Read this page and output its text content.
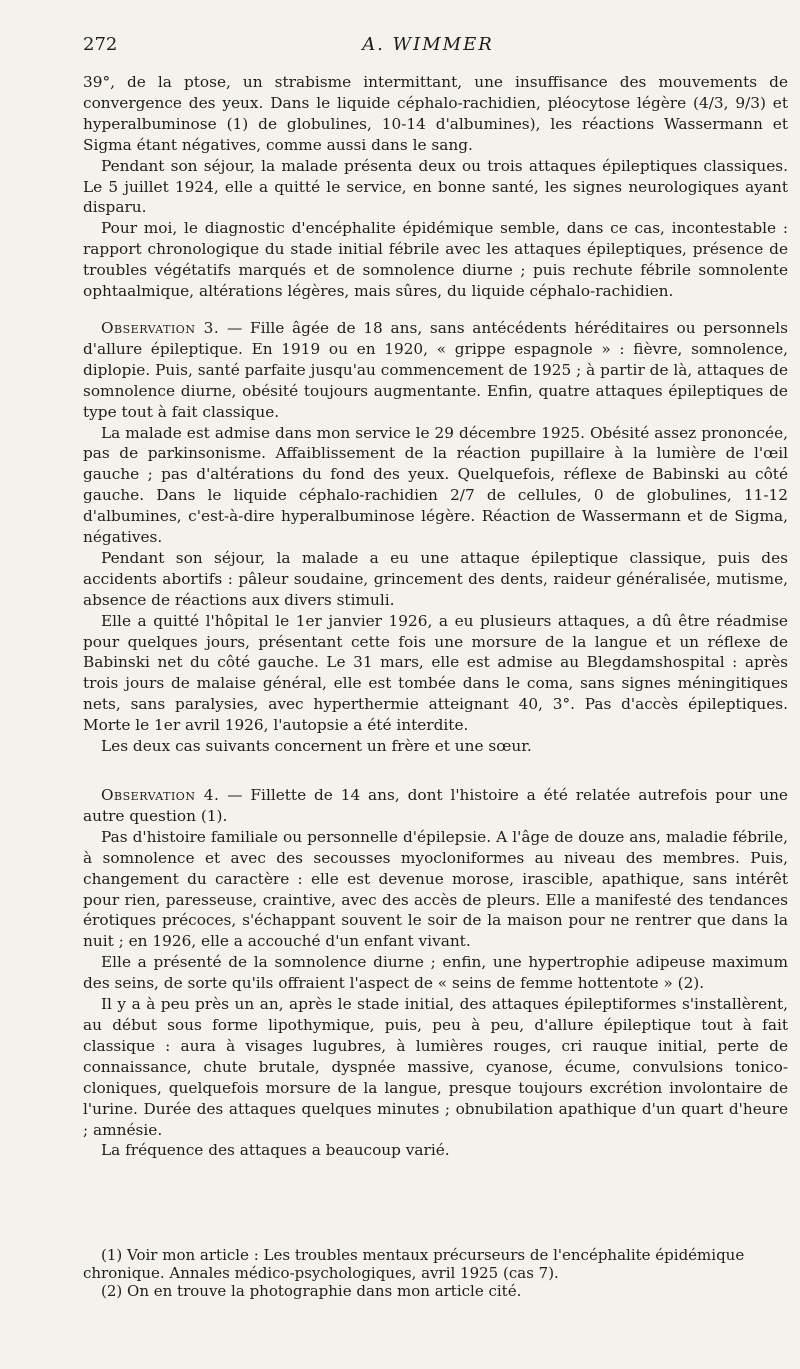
272	A. WIMMER

39°, de la ptose, un strabisme intermittant, une insuffisance des mouvements de convergence des yeux. Dans le liquide céphalo-rachidien, pléocytose légère (4/3, 9/3) et hyperalbuminose (1) de globulines, 10-14 d'albumines), les réactions Wassermann et Sigma étant négatives, comme aussi dans le sang.

Pendant son séjour, la malade présenta deux ou trois attaques épileptiques classiques. Le 5 juillet 1924, elle a quitté le service, en bonne santé, les signes neurologiques ayant disparu.

Pour moi, le diagnostic d'encéphalite épidémique semble, dans ce cas, incontestable : rapport chronologique du stade initial fébrile avec les attaques épileptiques, présence de troubles végétatifs marqués et de somnolence diurne ; puis rechute fébrile somnolente ophtaalmique, altérations légères, mais sûres, du liquide céphalo-rachidien.

Observation 3. — Fille âgée de 18 ans, sans antécédents héréditaires ou personnels d'allure épileptique. En 1919 ou en 1920, « grippe espagnole » : fièvre, somnolence, diplopie. Puis, santé parfaite jusqu'au commencement de 1925 ; à partir de là, attaques de somnolence diurne, obésité toujours augmentante. Enfin, quatre attaques épileptiques de type tout à fait classique.

La malade est admise dans mon service le 29 décembre 1925. Obésité assez prononcée, pas de parkinsonisme. Affaiblissement de la réaction pupillaire à la lumière de l'œil gauche ; pas d'altérations du fond des yeux. Quelquefois, réflexe de Babinski au côté gauche. Dans le liquide céphalo-rachidien 2/7 de cellules, 0 de globulines, 11-12 d'albumines, c'est-à-dire hyperalbuminose légère. Réaction de Wassermann et de Sigma, négatives.

Pendant son séjour, la malade a eu une attaque épileptique classique, puis des accidents abortifs : pâleur soudaine, grincement des dents, raideur généralisée, mutisme, absence de réactions aux divers stimuli.

Elle a quitté l'hôpital le 1er janvier 1926, a eu plusieurs attaques, a dû être réadmise pour quelques jours, présentant cette fois une morsure de la langue et un réflexe de Babinski net du côté gauche. Le 31 mars, elle est admise au Blegdamshospital : après trois jours de malaise général, elle est tombée dans le coma, sans signes méningitiques nets, sans paralysies, avec hyperthermie atteignant 40, 3°. Pas d'accès épileptiques. Morte le 1er avril 1926, l'autopsie a été interdite.

Les deux cas suivants concernent un frère et une sœur.

Observation 4. — Fillette de 14 ans, dont l'histoire a été relatée autrefois pour une autre question (1).

Pas d'histoire familiale ou personnelle d'épilepsie. A l'âge de douze ans, maladie fébrile, à somnolence et avec des secousses myocloniformes au niveau des membres. Puis, changement du caractère : elle est devenue morose, irascible, apathique, sans intérêt pour rien, paresseuse, craintive, avec des accès de pleurs. Elle a manifesté des tendances érotiques précoces, s'échappant souvent le soir de la maison pour ne rentrer que dans la nuit ; en 1926, elle a accouché d'un enfant vivant.

Elle a présenté de la somnolence diurne ; enfin, une hypertrophie adipeuse maximum des seins, de sorte qu'ils offraient l'aspect de « seins de femme hottentote » (2).

Il y a à peu près un an, après le stade initial, des attaques épileptiformes s'installèrent, au début sous forme lipothymique, puis, peu à peu, d'allure épileptique tout à fait classique : aura à visages lugubres, à lumières rouges, cri rauque initial, perte de connaissance, chute brutale, dyspnée massive, cyanose, écume, convulsions tonico-cloniques, quelquefois morsure de la langue, presque toujours excrétion involontaire de l'urine. Durée des attaques quelques minutes ; obnubilation apathique d'un quart d'heure ; amnésie.

La fréquence des attaques a beaucoup varié.

(1) Voir mon article : Les troubles mentaux précurseurs de l'encéphalite épidémique chronique. Annales médico-psychologiques, avril 1925 (cas 7).

(2) On en trouve la photographie dans mon article cité.
